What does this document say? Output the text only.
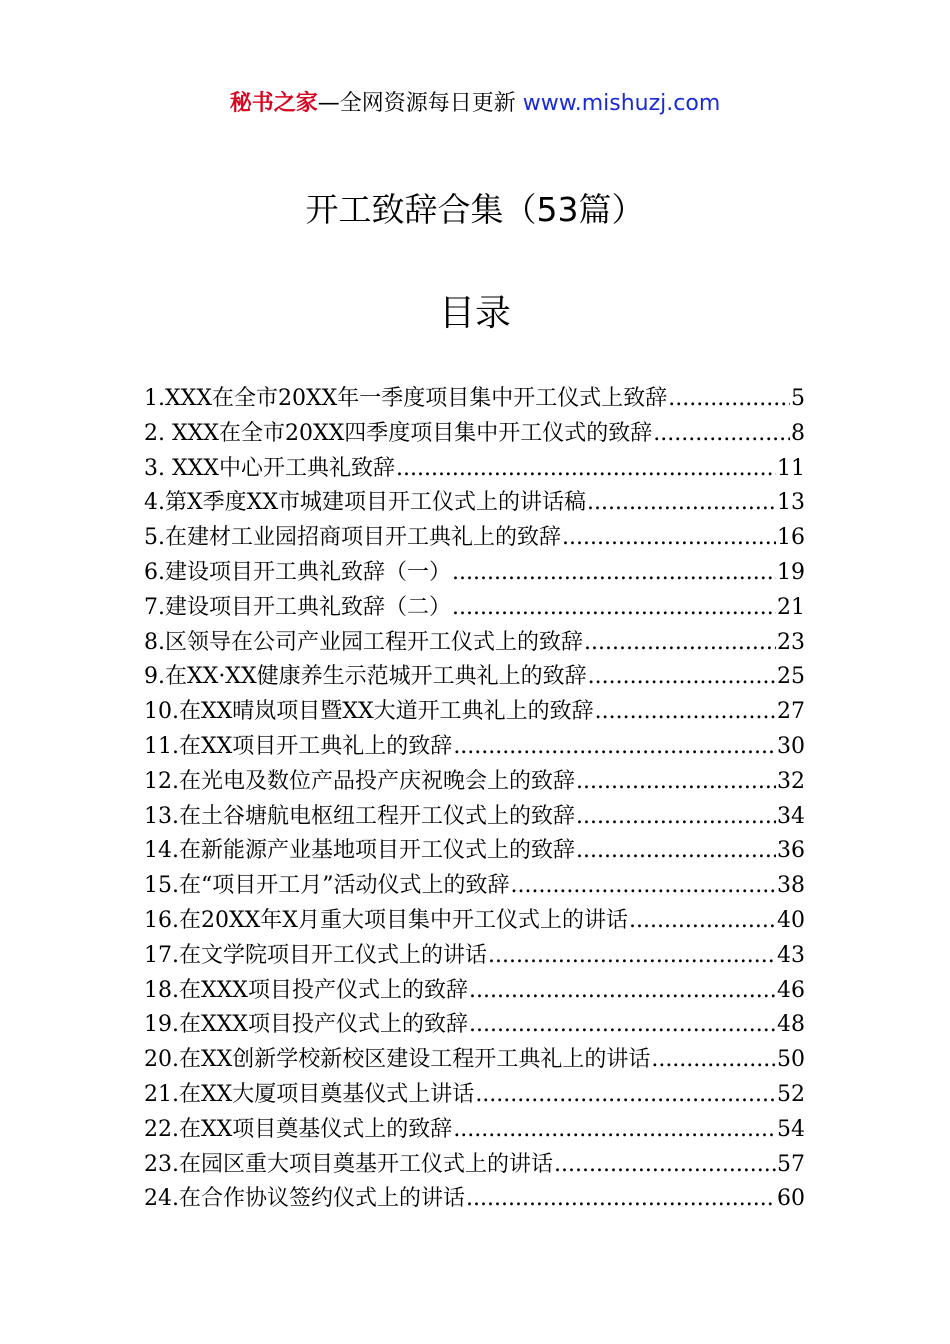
秘书之家—全网资源每日更新 www.mishuzj.com
开工致辞合集（53篇）
目录
1.XXX在全市20XX年一季度项目集中开工仪式上致辞 .....	5
2. XXX在全市20XX四季度项目集中开工仪式的致辞 .....	8
3. XXX中心开工典礼致辞 .....	11
4.第X季度XX市城建项目开工仪式上的讲话稿 .....	13
5.在建材工业园招商项目开工典礼上的致辞 .....	16
6.建设项目开工典礼致辞（一） .....	19
7.建设项目开工典礼致辞（二） .....	21
8.区领导在公司产业园工程开工仪式上的致辞 .....	23
9.在XX·XX健康养生示范城开工典礼上的致辞 .....	25
10.在XX晴岚项目暨XX大道开工典礼上的致辞 .....	27
11.在XX项目开工典礼上的致辞 .....	30
12.在光电及数位产品投产庆祝晚会上的致辞 .....	32
13.在土谷塘航电枢纽工程开工仪式上的致辞 .....	34
14.在新能源产业基地项目开工仪式上的致辞 .....	36
15.在“项目开工月”活动仪式上的致辞 .....	38
16.在20XX年X月重大项目集中开工仪式上的讲话 .....	40
17.在文学院项目开工仪式上的讲话 .....	43
18.在XXX项目投产仪式上的致辞 .....	46
19.在XXX项目投产仪式上的致辞 .....	48
20.在XX创新学校新校区建设工程开工典礼上的讲话 .....	50
21.在XX大厦项目奠基仪式上讲话 .....	52
22.在XX项目奠基仪式上的致辞 .....	54
23.在园区重大项目奠基开工仪式上的讲话 .....	57
24.在合作协议签约仪式上的讲话 .....	60
